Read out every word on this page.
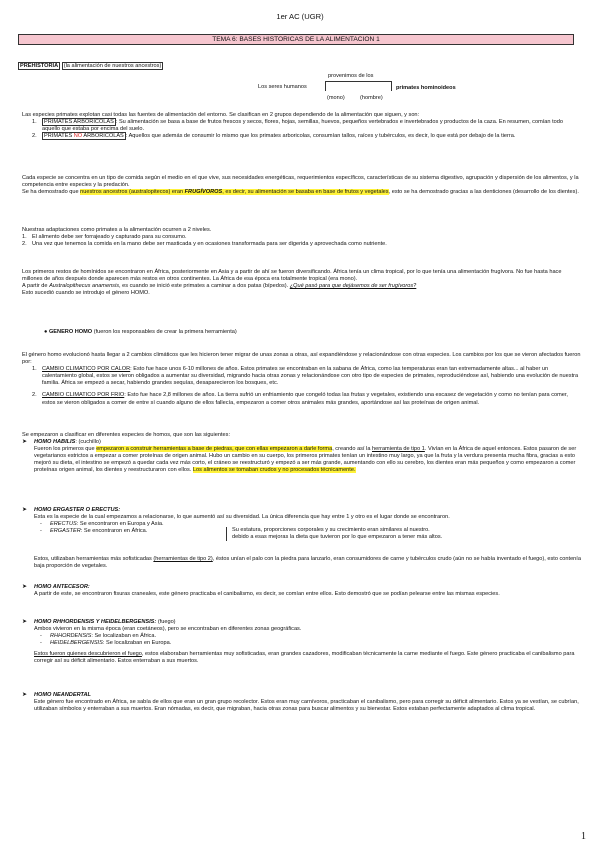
1er AC (UGR)
TEMA 6: BASES HISTORICAS DE LA ALIMENTACION 1
PREHISTORIA (la alimentación de nuestros ancestros)
provenimos de los
Los seres humanos	primates hominoideos
(mono)	(hombre)

Las especies primates explotan casi todas las fuentes de alimentación del entorno. Se clasifican en 2 grupos dependiendo de la alimentación que siguen, y son:

1. PRIMATES ARBORICOLAS : Su alimentación se basa a base de frutos frescos y secos, flores, hojas, semillas, huevos, pequeños vertebrados e invertebrados y productos de la caza. En resumen, comían todo aquello que estaba por encima del suelo.

2. PRIMATES NO ARBORICOLAS : Aquellos que además de consumir lo mismo que los primates arboricolas, consumían tallos, raíces y tubérculos, es decir, lo que está por debajo de la tierra.

Cada especie se concentra en un tipo de comida según el medio en el que vive, sus necesidades energéticas, requerimientos específicos, características de su sistema digestivo, agrupación y dispersión de los alimentos, y la competencia entre especies y la predación.

Se ha demostrado que nuestros ancestros (australopitecos) eran FRUGÍVOROS, es decir, su alimentación se basaba en base de frutos y vegetales, esto se ha demostrado gracias a las denticiones (desarrollo de los dientes).

Nuestras adaptaciones como primates a la alimentación ocurren a 2 niveles.

1. El alimento debe ser forrajeado y capturado para su consumo.

2. Una vez que tenemos la comida en la mano debe ser masticada y en ocasiones transformada para ser digerida y aprovechada como nutriente.

Los primeros restos de homínidos se encontraron en África, posteriormente en Asia y a partir de ahí se fueron diversificando. África tenía un clima tropical, por lo que tenía una alimentación frugívora. No fue hasta hace millones de años después donde aparecen más restos en otros continentes. La África de esa época era totalmente tropical (era mono).

A partir de Australopithecus anamensis, es cuando se inició este primates a caminar a dos patas (bípedos). ¿Qué pasó para que dejásemos de ser frugívoros?

Esto sucedió cuando se introdujo el género HOMO.

● GENERO HOMO (fueron los responsables de crear la primera herramienta)

El género homo evolucionó hasta llegar a 2 cambios climáticos que les hicieron tener migrar de unas zonas a otras, así expandiéndose y relacionándose con otras especies. Los cambios por los que se vieron afectados fueron por:

1. CAMBIO CLIMATICO POR CALOR: Esto fue hace unos 6-10 millones de años. Estos primates se encontraban en la sabana de África, como las temperaturas eran tan extremadamente altas... al haber un calentamiento global, estos se vieron obligados a aumentar su diversidad, migrando hacia otras zonas y relacionándose con otro tipo de especies de primates, reproduciéndose así, habiendo una evolución de nuestra familia. África se empezó a secar, habiendo grandes sequías, desaparecieron los bosques, etc.

2. CAMBIO CLIMATICO POR FRIO: Esto fue hace 2,8 millones de años. La tierra sufrió un enfriamiento que congeló todas las frutas y vegetales, existiendo una escasez de vegetación y como no tenían para comer, estos se vieron obligados a comer de entre sí cuando alguno de ellos fallecía, empezaron a comer otros animales más grandes, aportándose así las proteínas de origen animal.

Se empezaron a clasificar en diferentes especies de homos, que son las siguientes:

➤ HOMO HABILIS: (cuchillo)

Fueron los primeros que empezaron a construir herramientas a base de piedras, que con ellas empezaron a darle forma, creando así la herramienta de tipo 1. Vivían en la África de aquel entonces. Estos pasaron de ser vegetarianos estrictos a empezar a comer proteínas de origen animal. Hubo un cambio en su cuerpo, los primeros primates tenían un intestino muy largo, ya que la fruta y la verdura presenta mucha fibra, gracias a esto mejoró su dieta, el intestino se empezó a quedar cada vez más corto, el cráneo se reestructuró y empezó a ser más grande, aumentando con ello su cerebro, los dientes eran más pequeños y como empezaron a comer proteínas origen animal, los dientes y reestructuraron con ellos. Los alimentos se tomaban crudos y no procesados técnicamente.

➤ HOMO ERGASTER O ERECTUS:

Esta es la especie de la cual empezamos a relacionarse, lo que aumentó así su diversidad. La única diferencia que hay entre 1 y otro es el lugar donde se encontraron.

- ERECTUS: Se encontraron en Europa y Asia.

- ERGASTER: Se encontraron en África.	Su estatura, proporciones corporales y su crecimiento eran similares al nuestro.
debido a esas mejoras la dieta que tuvieron por lo que empezaron a tener más altos.

Estos, utilizaban herramientas más sofisticadas (herramientas de tipo 2), éstos unían el palo con la piedra para lanzarlo, eran consumidores de carne y tubérculos crudo (aún no se había inventado el fuego), esto contenía baja proporción de vegetales.

➤ HOMO ANTECESOR:

A partir de este, se encontraron fisuras craneales, este género practicaba el canibalismo, es decir, se comían entre ellos. Esto demostró que se podían pelearse entre las mismas especies.

➤ HOMO RHHORDENSIS Y HEIDELBERGENSIS: (fuego)

Ambos vivieron en la misma época (eran coetáneos), pero se encontraban en diferentes zonas geográficas.

- RHHORDENSIS: Se localizaban en África.

- HEIDELBERGENSIS: Se localizaban en Europa.

Estos fueron quienes descubrieron el fuego, estos elaboraban herramientas muy sofisticadas, eran grandes cazadores, modificaban técnicamente la carne mediante el fuego. Este género practicaba el canibalismo para corregir así su déficit alimentario. Estos enterraban a sus muertos.

➤ HOMO NEANDERTAL

Este género fue encontrado en África, se sabía de ellos que eran un gran grupo recolector. Estos eran muy carnívoros, practicaban el canibalismo, pero para corregir su déficit alimentario. Estos ya se vestían, se cubrían, utilizaban símbolos y enterraban a sus muertos. Eran nómadas, es decir, que migraban, hacia otras zonas para buscar alimentos y su bienestar. Estos estaban perfectamente adaptados al clima tropical.

1
